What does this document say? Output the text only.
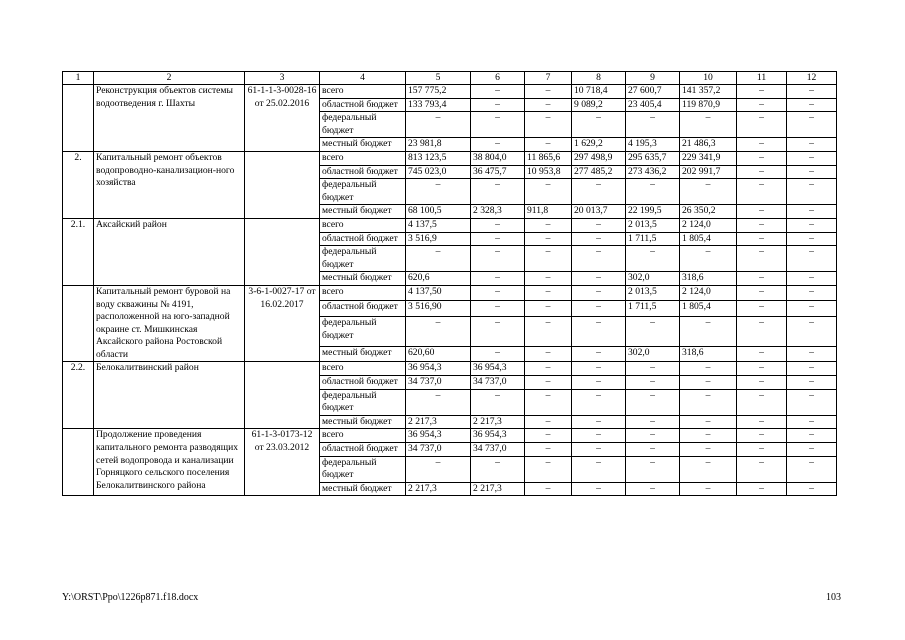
1	2	3	4	5	6	7	8	9	10	11	12
	Реконструкция объектов системы водоотведения г. Шахты	61-1-1-3-0028-16 от 25.02.2016	всего	157 775,2	–	–	10 718,4	27 600,7	141 357,2	–	–
			областной бюджет	133 793,4	–	–	9 089,2	23 405,4	119 870,9	–	–
			федеральный бюджет	–	–	–	–	–	–	–	–
			местный бюджет	23 981,8	–	–	1 629,2	4 195,3	21 486,3	–	–
2.	Капитальный ремонт объектов водопроводно-канализацион-ного хозяйства		всего	813 123,5	38 804,0	11 865,6	297 498,9	295 635,7	229 341,9	–	–
			областной бюджет	745 023,0	36 475,7	10 953,8	277 485,2	273 436,2	202 991,7	–	–
			федеральный бюджет	–	–	–	–	–	–	–	–
			местный бюджет	68 100,5	2 328,3	911,8	20 013,7	22 199,5	26 350,2	–	–
2.1.	Аксайский район		всего	4 137,5	–	–	–	2 013,5	2 124,0	–	–
			областной бюджет	3 516,9	–	–	–	1 711,5	1 805,4	–	–
			федеральный бюджет	–	–	–	–	–	–	–	–
			местный бюджет	620,6	–	–	–	302,0	318,6	–	–
	Капитальный ремонт буровой на воду скважины № 4191, расположенной на юго-западной окраине ст. Мишкинская Аксайского района Ростовской области	3-6-1-0027-17 от 16.02.2017	всего	4 137,50	–	–	–	2 013,5	2 124,0	–	–
			областной бюджет	3 516,90	–	–	–	1 711,5	1 805,4	–	–
			федеральный бюджет	–	–	–	–	–	–	–	–
			местный бюджет	620,60	–	–	–	302,0	318,6	–	–
2.2.	Белокалитвинский район		всего	36 954,3	36 954,3	–	–	–	–	–	–
			областной бюджет	34 737,0	34 737,0	–	–	–	–	–	–
			федеральный бюджет	–	–	–	–	–	–	–	–
			местный бюджет	2 217,3	2 217,3	–	–	–	–	–	–
	Продолжение проведения капитального ремонта разводящих сетей водопровода и канализации Горняцкого сельского поселения Белокалитвинского района	61-1-3-0173-12 от 23.03.2012	всего	36 954,3	36 954,3	–	–	–	–	–	–
			областной бюджет	34 737,0	34 737,0	–	–	–	–	–	–
			федеральный бюджет	–	–	–	–	–	–	–	–
			местный бюджет	2 217,3	2 217,3	–	–	–	–	–	–
Y:\ORST\Ppo\1226p871.f18.docx	103
